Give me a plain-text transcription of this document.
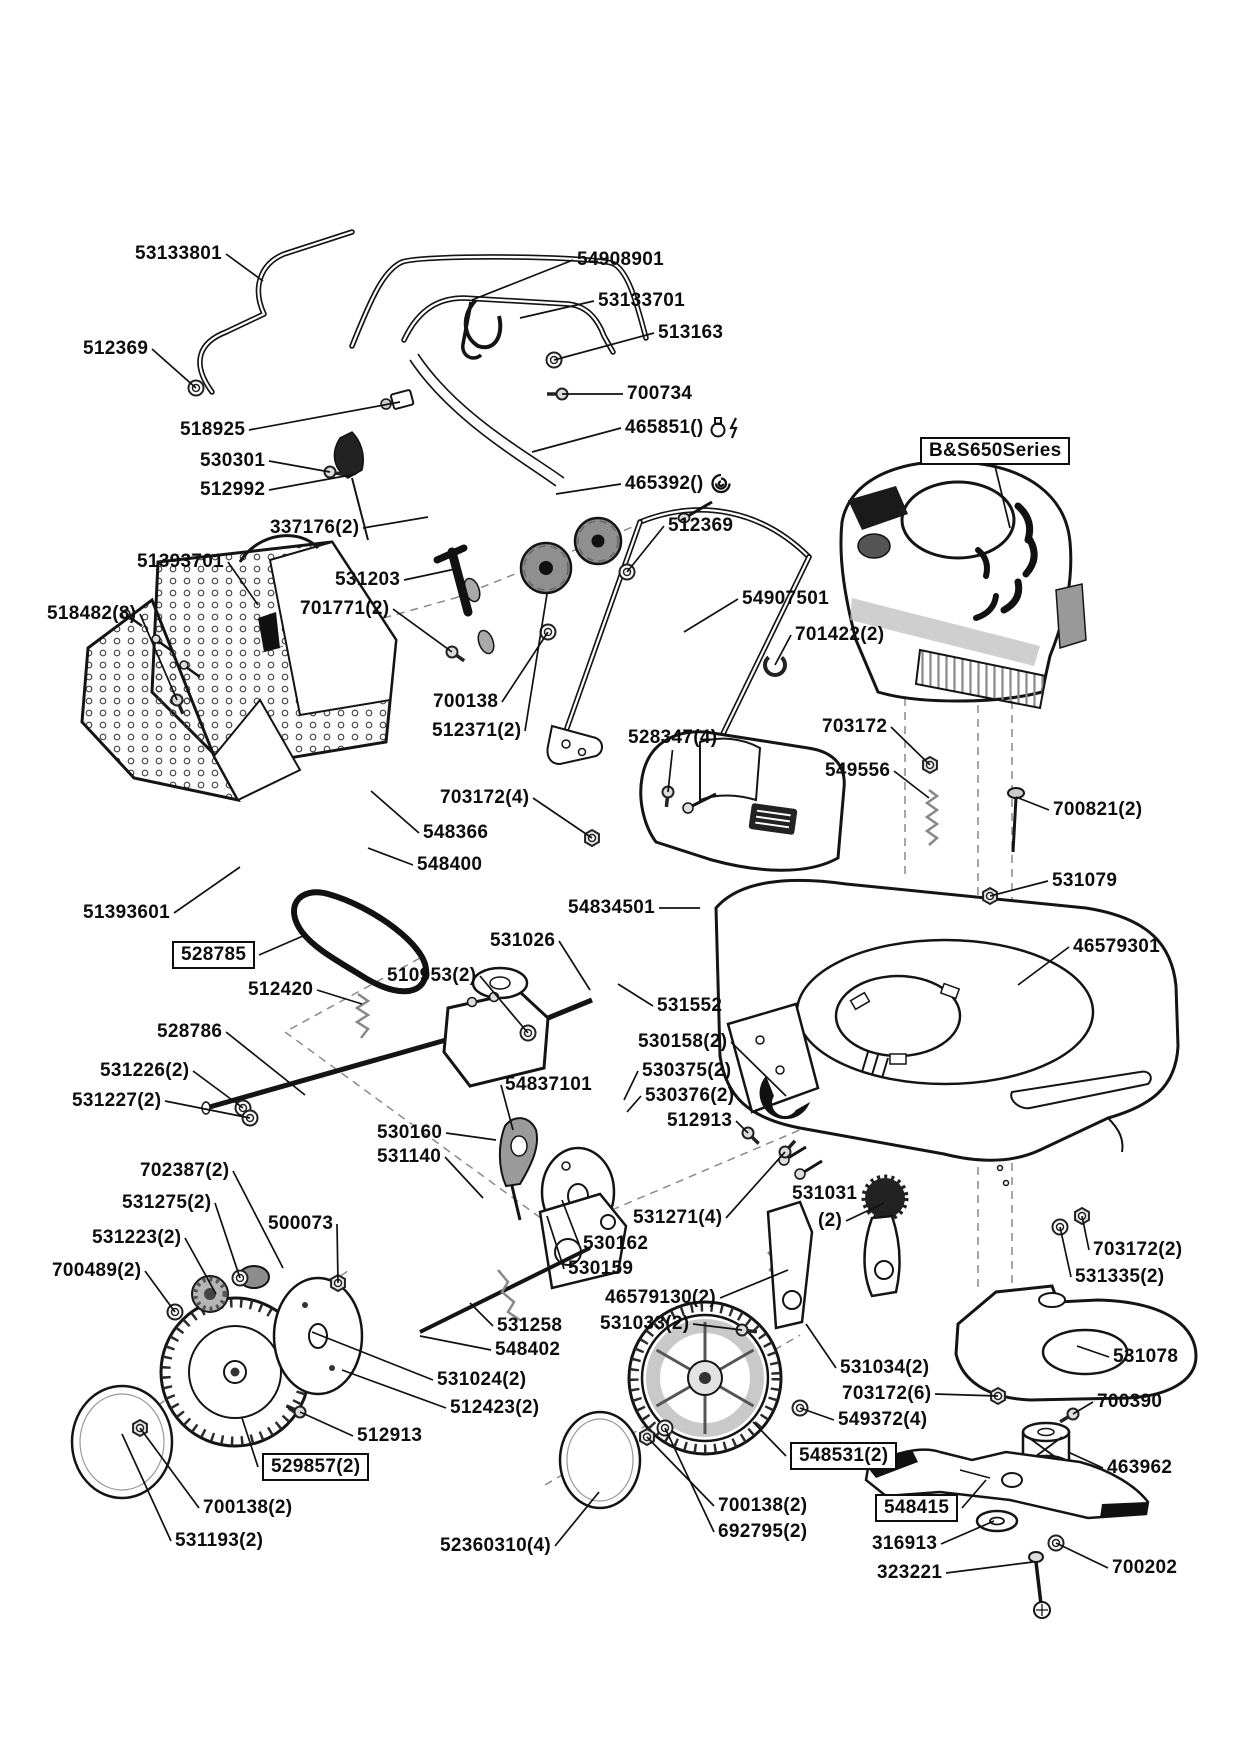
53133801	54908901
53133701
513163
512369
700734
465851()
518925
530301
512992	465392()
337176(2)	512369
51393701
531203
701771(2)
518482(8)
54907501
701422(2)
700138
512371(2)	528347(4)
703172
549556
703172(4)
700821(2)
548366
548400
531079
54834501
51393601
528785
531026	46579301
510953(2)
512420
531552
528786	530158(2)
531226(2)	530375(2)
531227(2)	530376(2)
54837101
512913
530160
531140
702387(2)
531031
(2)
531275(2)
500073	531271(4)
531223(2)	530162	703172(2)
530159
700489(2)	531335(2)
46579130(2)
531033(2)
531258
548402	531078
531034(2)
531024(2)
703172(6)	700390
512423(2)
549372(4)
512913
529857(2)
548531(2)
463962
700138(2)	548415
700138(2)
692795(2)
531193(2)	316913
52360310(4)
700202
323221
B&S650Series
